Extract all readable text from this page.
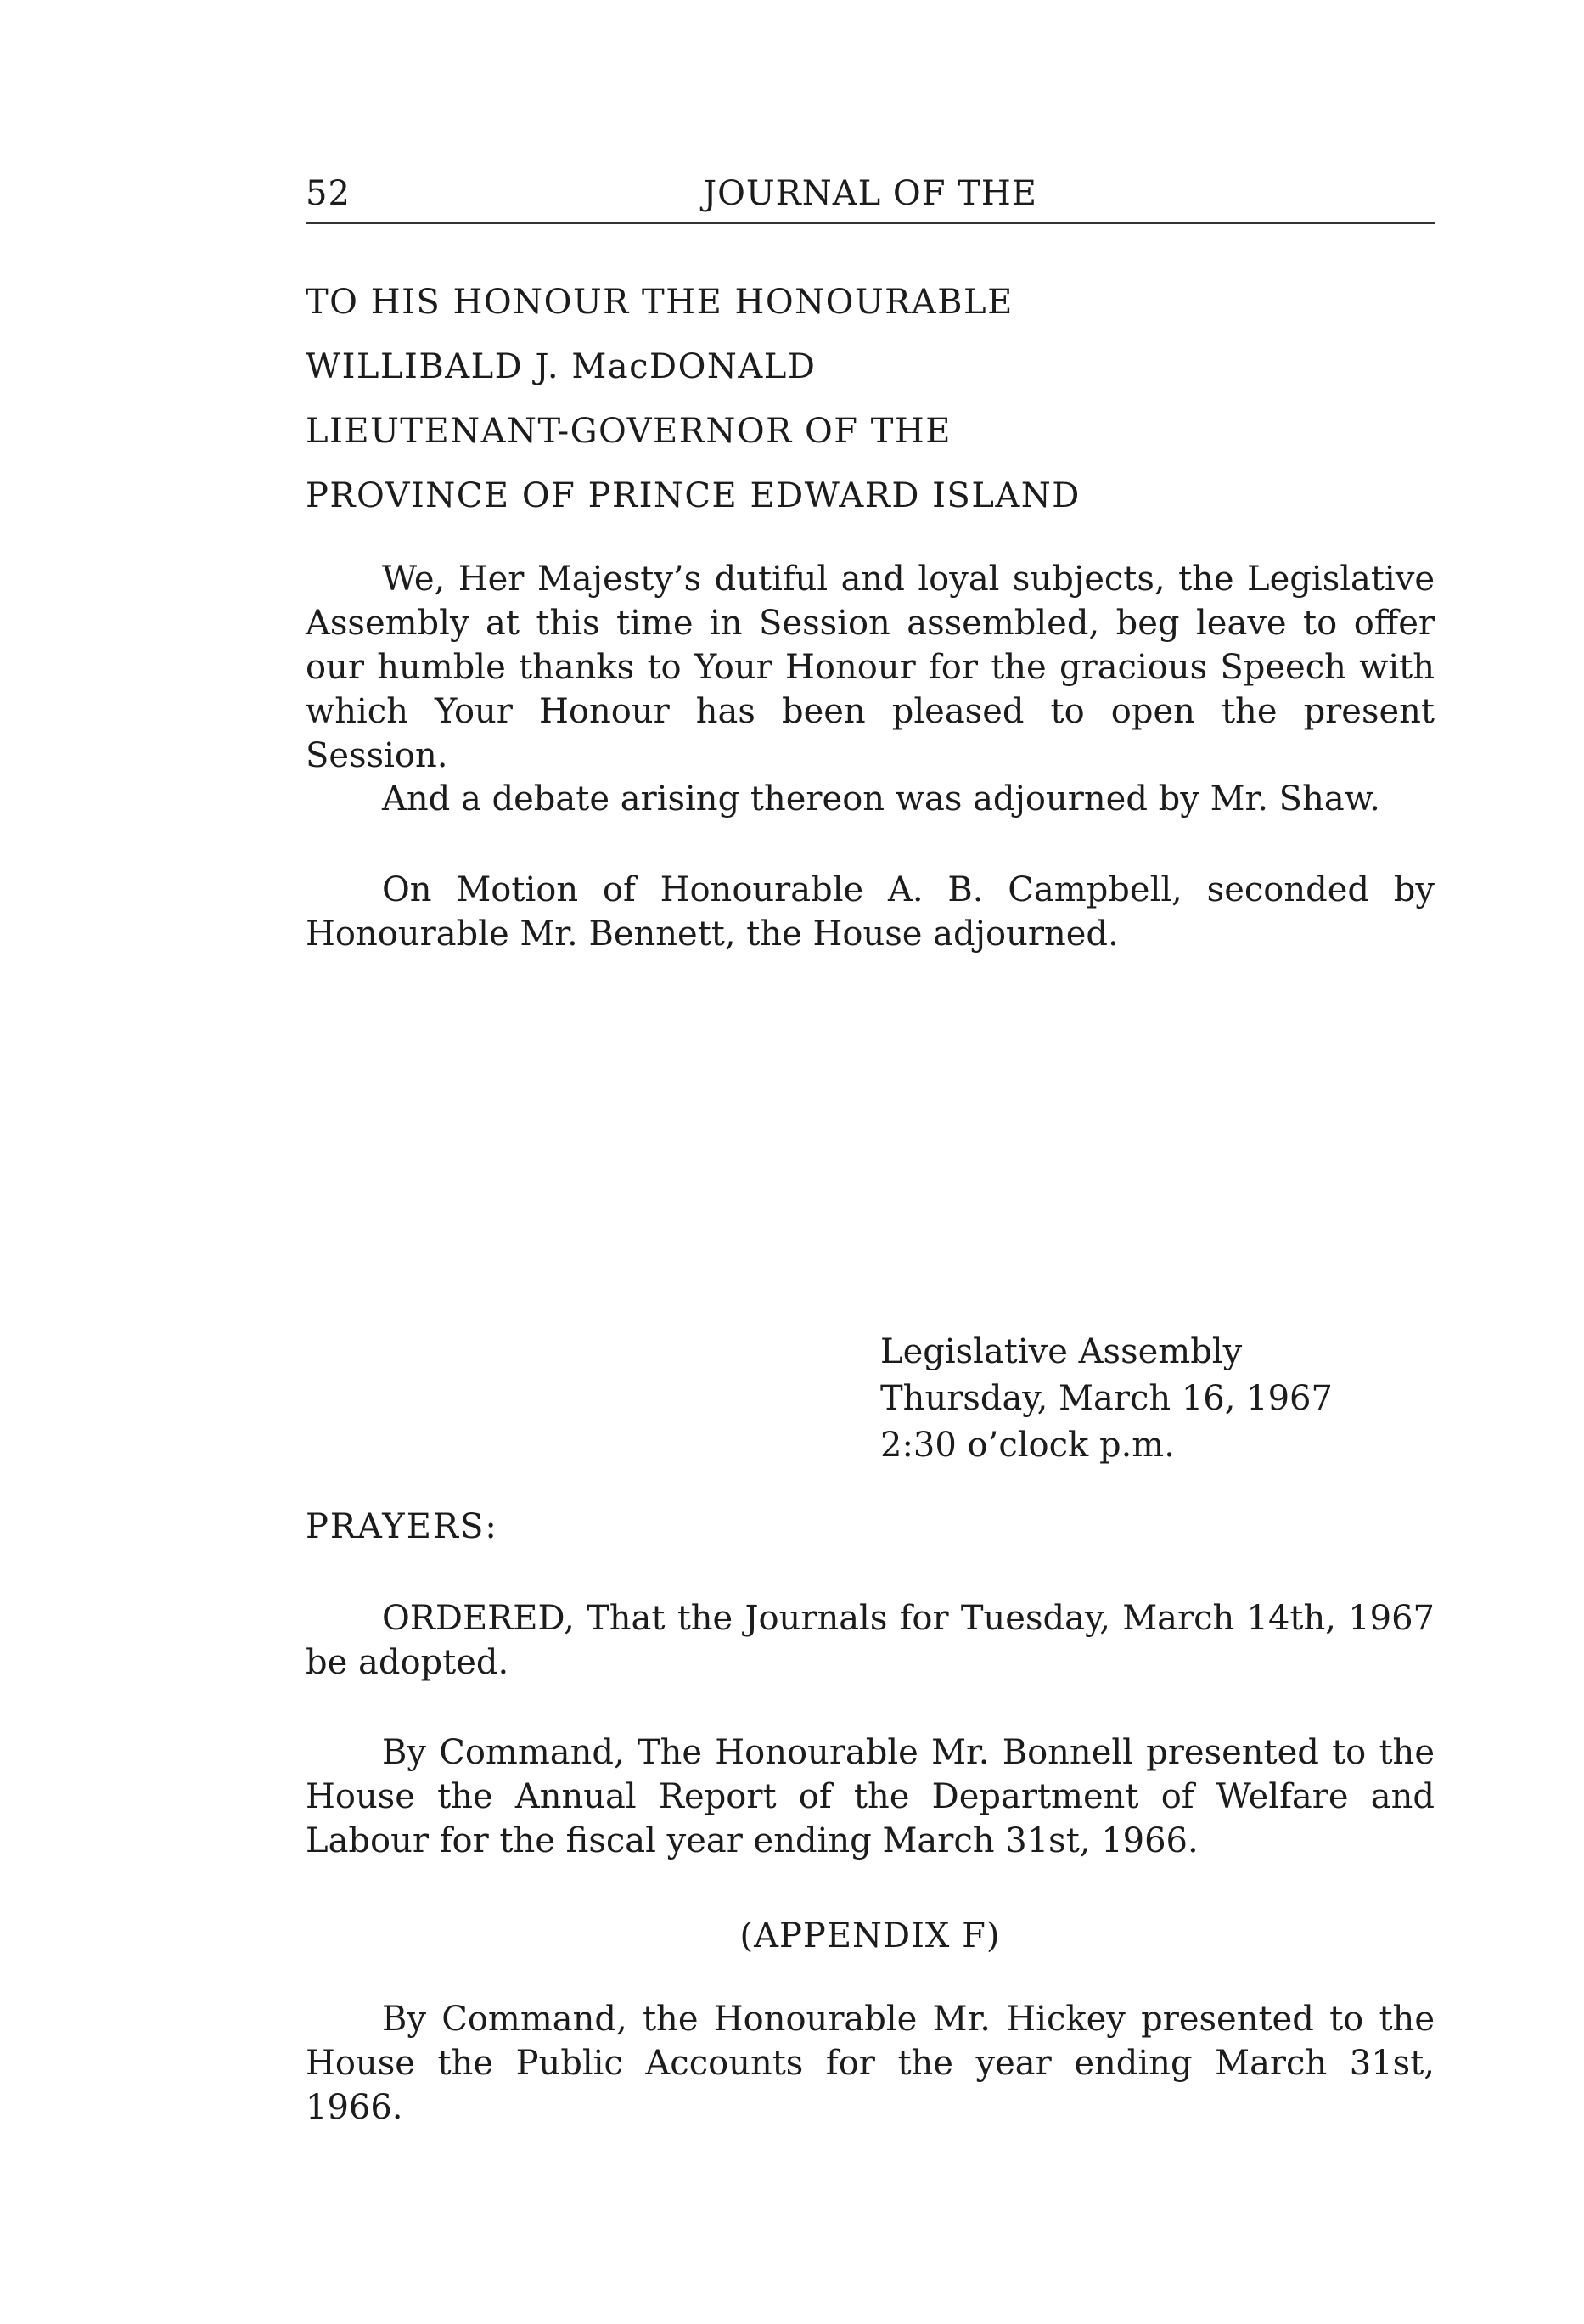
52	JOURNAL OF THE
TO HIS HONOUR THE HONOURABLE
WILLIBALD J. MacDONALD
LIEUTENANT-GOVERNOR OF THE
PROVINCE OF PRINCE EDWARD ISLAND

We, Her Majesty’s dutiful and loyal subjects, the Legislative Assembly at this time in Session assembled, beg leave to offer our humble thanks to Your Honour for the gracious Speech with which Your Honour has been pleased to open the present Session.

And a debate arising thereon was adjourned by Mr. Shaw.

On Motion of Honourable A. B. Campbell, seconded by Honourable Mr. Bennett, the House adjourned.

Legislative Assembly
Thursday, March 16, 1967
2:30 o’clock p.m.
PRAYERS:

ORDERED, That the Journals for Tuesday, March 14th, 1967 be adopted.

By Command, The Honourable Mr. Bonnell presented to the House the Annual Report of the Department of Welfare and Labour for the fiscal year ending March 31st, 1966.

(APPENDIX F)

By Command, the Honourable Mr. Hickey presented to the House the Public Accounts for the year ending March 31st, 1966.
